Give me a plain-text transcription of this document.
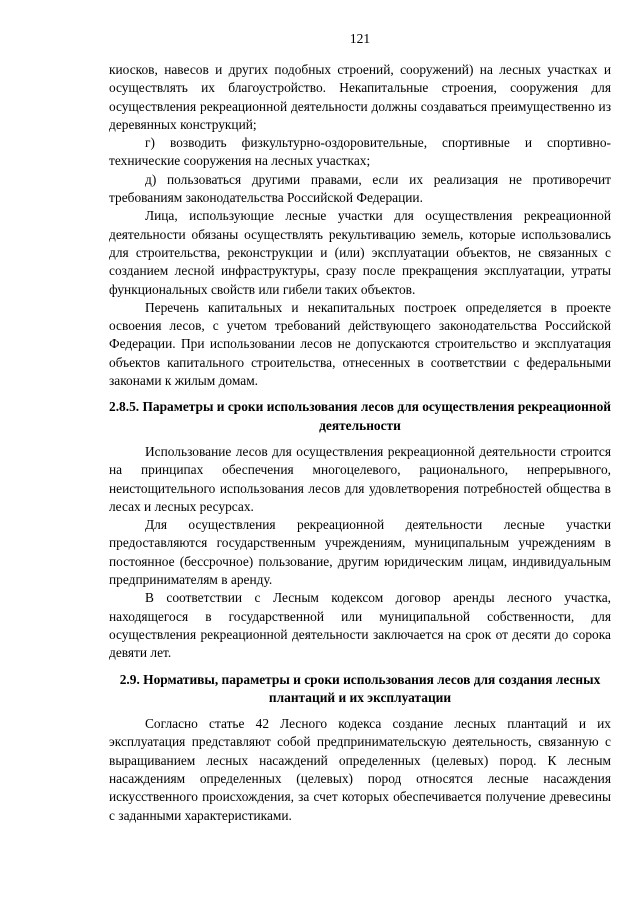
121

киосков, навесов и других подобных строений, сооружений) на лесных участках и осуществлять их благоустройство. Некапитальные строения, сооружения для осуществления рекреационной деятельности должны создаваться преимущественно из деревянных конструкций;

г) возводить физкультурно-оздоровительные, спортивные и спортивно-технические сооружения на лесных участках;

д) пользоваться другими правами, если их реализация не противоречит требованиям законодательства Российской Федерации.

Лица, использующие лесные участки для осуществления рекреационной деятельности обязаны осуществлять рекультивацию земель, которые использовались для строительства, реконструкции и (или) эксплуатации объектов, не связанных с созданием лесной инфраструктуры, сразу после прекращения эксплуатации, утраты функциональных свойств или гибели таких объектов.

Перечень капитальных и некапитальных построек определяется в проекте освоения лесов, с учетом требований действующего законодательства Российской Федерации. При использовании лесов не допускаются строительство и эксплуатация объектов капитального строительства, отнесенных в соответствии с федеральными законами к жилым домам.

2.8.5. Параметры и сроки использования лесов для осуществления рекреационной деятельности

Использование лесов для осуществления рекреационной деятельности строится на принципах обеспечения многоцелевого, рационального, непрерывного, неистощительного использования лесов для удовлетворения потребностей общества в лесах и лесных ресурсах.

Для осуществления рекреационной деятельности лесные участки предоставляются государственным учреждениям, муниципальным учреждениям в постоянное (бессрочное) пользование, другим юридическим лицам, индивидуальным предпринимателям в аренду.

В соответствии с Лесным кодексом договор аренды лесного участка, находящегося в государственной или муниципальной собственности, для осуществления рекреационной деятельности заключается на срок от десяти до сорока девяти лет.

2.9. Нормативы, параметры и сроки использования лесов для создания лесных плантаций и их эксплуатации

Согласно статье 42 Лесного кодекса создание лесных плантаций и их эксплуатация представляют собой предпринимательскую деятельность, связанную с выращиванием лесных насаждений определенных (целевых) пород. К лесным насаждениям определенных (целевых) пород относятся лесные насаждения искусственного происхождения, за счет которых обеспечивается получение древесины с заданными характеристиками.
